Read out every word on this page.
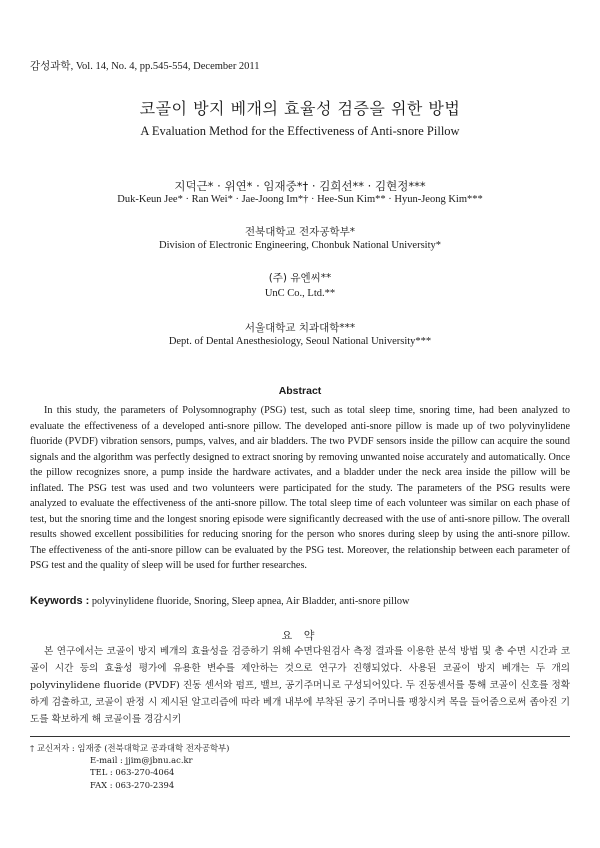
감성과학, Vol. 14, No. 4, pp.545-554, December 2011
코골이 방지 베개의 효율성 검증을 위한 방법
A Evaluation Method for the Effectiveness of Anti-snore Pillow
지덕근* · 위연* · 임재중*† · 김희선** · 김현정***
Duk-Keun Jee* · Ran Wei* · Jae-Joong Im*† · Hee-Sun Kim** · Hyun-Jeong Kim***
전북대학교 전자공학부*
Division of Electronic Engineering, Chonbuk National University*
(주) 유엔씨**
UnC Co., Ltd.**
서울대학교 치과대학***
Dept. of Dental Anesthesiology, Seoul National University***
Abstract

In this study, the parameters of Polysomnography (PSG) test, such as total sleep time, snoring time, had been analyzed to evaluate the effectiveness of a developed anti-snore pillow. The developed anti-snore pillow is made up of two polyvinylidene fluoride (PVDF) vibration sensors, pumps, valves, and air bladders. The two PVDF sensors inside the pillow can acquire the sound signals and the algorithm was perfectly designed to extract snoring by removing unwanted noise accurately and automatically. Once the pillow recognizes snore, a pump inside the hardware activates, and a bladder under the neck area inside the pillow will be inflated. The PSG test was used and two volunteers were participated for the study. The parameters of the PSG results were analyzed to evaluate the effectiveness of the anti-snore pillow. The total sleep time of each volunteer was similar on each phase of test, but the snoring time and the longest snoring episode were significantly decreased with the use of anti-snore pillow. The overall results showed excellent possibilities for reducing snoring for the person who snores during sleep by using the anti-snore pillow. The effectiveness of the anti-snore pillow can be evaluated by the PSG test. Moreover, the relationship between each parameter of PSG test and the quality of sleep will be used for further researches.

Keywords : polyvinylidene fluoride, Snoring, Sleep apnea, Air Bladder, anti-snore pillow
요 약

본 연구에서는 코골이 방지 베개의 효율성을 검증하기 위해 수면다원검사 측정 결과를 이용한 분석 방법 및 총 수면 시간과 코골이 시간 등의 효율성 평가에 유용한 변수를 제안하는 것으로 연구가 진행되었다. 사용된 코골이 방지 베개는 두 개의 polyvinylidene fluoride (PVDF) 진동 센서와 펌프, 밸브, 공기주머니로 구성되어있다. 두 진동센서를 통해 코골이 신호를 정확하게 검출하고, 코골이 판정 시 제시된 알고리즘에 따라 베개 내부에 부착된 공기 주머니를 팽창시켜 목을 들어줌으로써 좁아진 기도를 확보하게 해 코골이를 경감시키

† 교신저자 : 임재중 (전북대학교 공과대학 전자공학부)
E-mail : jjim@jbnu.ac.kr
TEL : 063-270-4064
FAX : 063-270-2394
